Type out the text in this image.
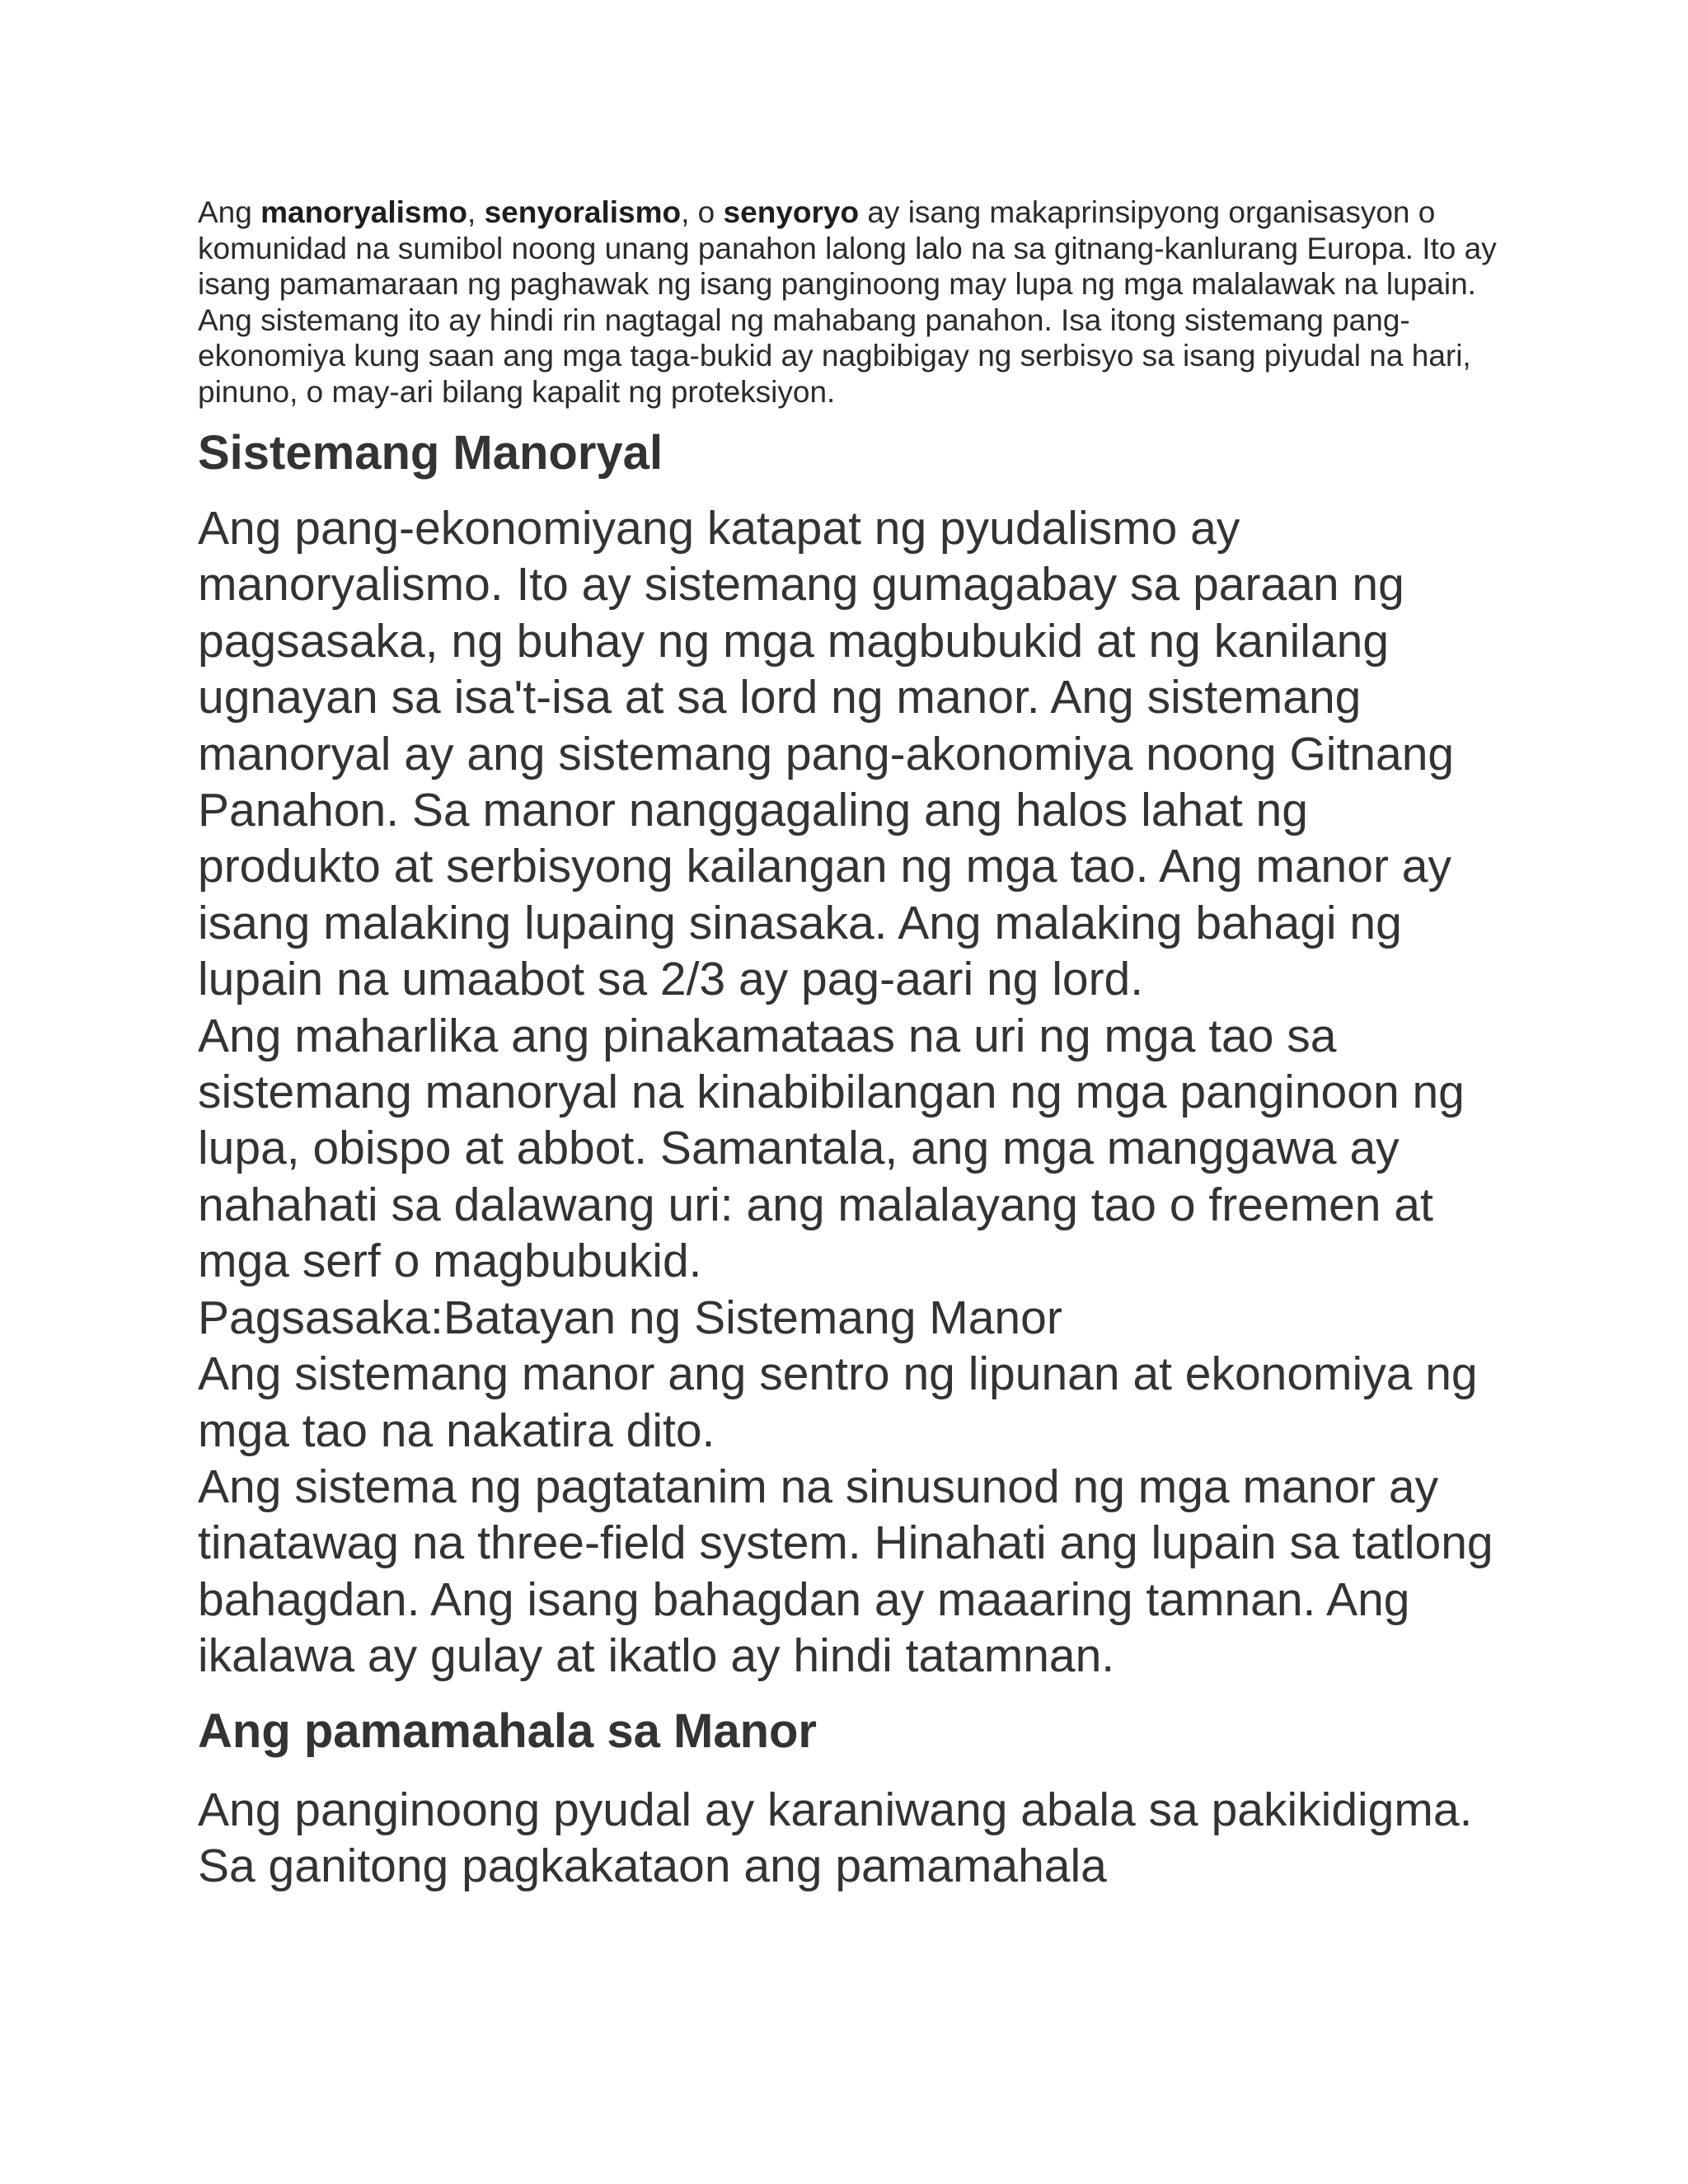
Ang manoryalismo, senyoralismo, o senyoryo ay isang makaprinsipyong organisasyon o komunidad na sumibol noong unang panahon lalong lalo na sa gitnang-kanlurang Europa. Ito ay isang pamamaraan ng paghawak ng isang panginoong may lupa ng mga malalawak na lupain. Ang sistemang ito ay hindi rin nagtagal ng mahabang panahon. Isa itong sistemang pang-ekonomiya kung saan ang mga taga-bukid ay nagbibigay ng serbisyo sa isang piyudal na hari, pinuno, o may-ari bilang kapalit ng proteksiyon.

Sistemang Manoryal

Ang pang-ekonomiyang katapat ng pyudalismo ay manoryalismo. Ito ay sistemang gumagabay sa paraan ng pagsasaka, ng buhay ng mga magbubukid at ng kanilang ugnayan sa isa't-isa at sa lord ng manor. Ang sistemang manoryal ay ang sistemang pang-akonomiya noong Gitnang Panahon. Sa manor nanggagaling ang halos lahat ng produkto at serbisyong kailangan ng mga tao. Ang manor ay isang malaking lupaing sinasaka. Ang malaking bahagi ng lupain na umaabot sa 2/3 ay pag-aari ng lord.

Ang maharlika ang pinakamataas na uri ng mga tao sa sistemang manoryal na kinabibilangan ng mga panginoon ng lupa, obispo at abbot. Samantala, ang mga manggawa ay nahahati sa dalawang uri: ang malalayang tao o freemen at mga serf o magbubukid.

Pagsasaka:Batayan ng Sistemang Manor

Ang sistemang manor ang sentro ng lipunan at ekonomiya ng mga tao na nakatira dito.

Ang sistema ng pagtatanim na sinusunod ng mga manor ay tinatawag na three-field system. Hinahati ang lupain sa tatlong bahagdan. Ang isang bahagdan ay maaaring tamnan. Ang ikalawa ay gulay at ikatlo ay hindi tatamnan.

Ang pamamahala sa Manor

Ang panginoong pyudal ay karaniwang abala sa pakikidigma. Sa ganitong pagkakataon ang pamamahala
